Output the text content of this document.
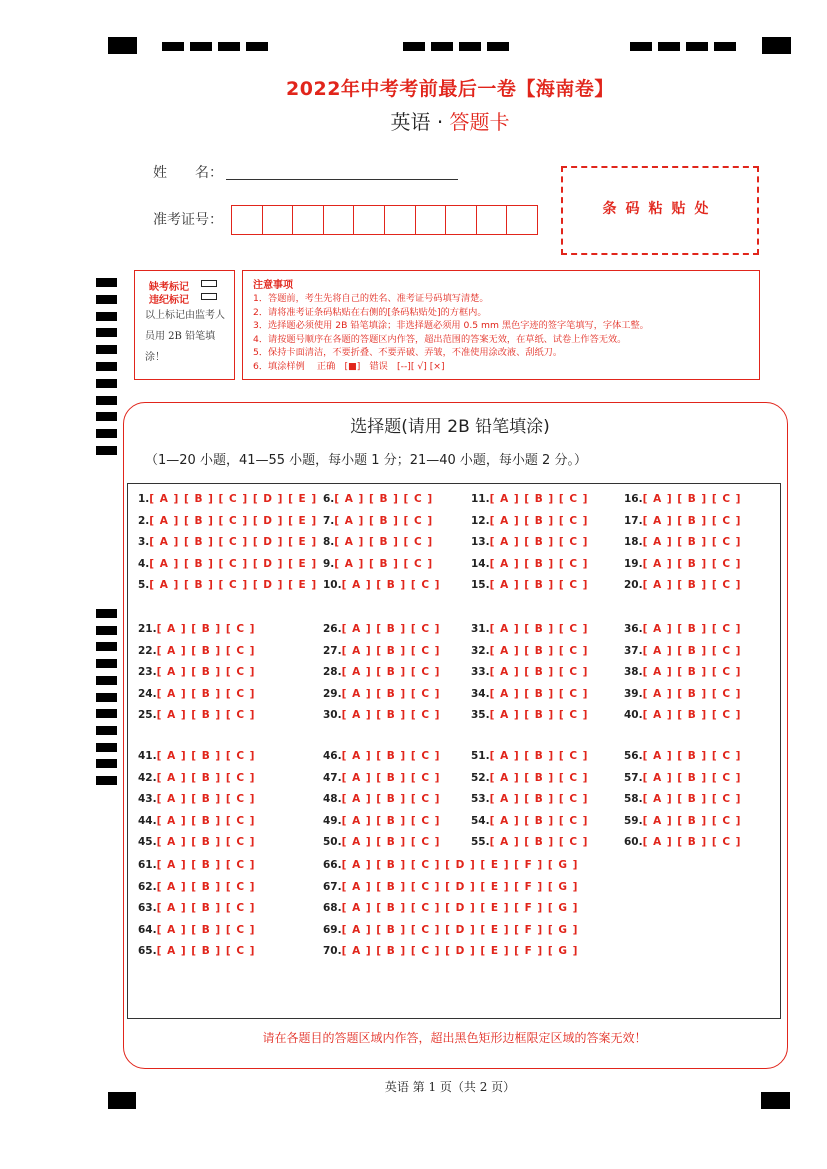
2022年中考考前最后一卷【海南卷】
英语 · 答题卡
姓　　名：
准考证号：
条码粘贴处
缺考标记
违纪标记
以上标记由监考人员用 2B 铅笔填涂！
注意事项
1．答题前，考生先将自己的姓名、准考证号码填写清楚。
2．请将准考证条码粘贴在右侧的[条码粘贴处]的方框内。
3．选择题必须使用 2B 铅笔填涂；非选择题必须用 0.5 mm 黑色字迹的签字笔填写，字体工整。
4．请按题号顺序在各题的答题区内作答，超出范围的答案无效，在草纸、试卷上作答无效。
5．保持卡面清洁，不要折叠、不要弄破、弄皱，不准使用涂改液、刮纸刀。
6．填涂样例　 正确　[■]　错误　[--][ √] [×]
选择题(请用 2B 铅笔填涂)
（1—20 小题，41—55 小题，每小题 1 分；21—40 小题，每小题 2 分。）
1.[ A ] [ B ] [ C ] [ D ] [ E ] 6.[ A ] [ B ] [ C ]	11.[ A ] [ B ] [ C ]	16.[ A ] [ B ] [ C ]
2.[ A ] [ B ] [ C ] [ D ] [ E ] 7.[ A ] [ B ] [ C ]	12.[ A ] [ B ] [ C ]	17.[ A ] [ B ] [ C ]
3.[ A ] [ B ] [ C ] [ D ] [ E ] 8.[ A ] [ B ] [ C ]	13.[ A ] [ B ] [ C ]	18.[ A ] [ B ] [ C ]
4.[ A ] [ B ] [ C ] [ D ] [ E ] 9.[ A ] [ B ] [ C ]	14.[ A ] [ B ] [ C ]	19.[ A ] [ B ] [ C ]
5.[ A ] [ B ] [ C ] [ D ] [ E ] 10.[ A ] [ B ] [ C ]	15.[ A ] [ B ] [ C ]	20.[ A ] [ B ] [ C ]
21.[ A ] [ B ] [ C ]	26.[ A ] [ B ] [ C ]	31.[ A ] [ B ] [ C ]	36.[ A ] [ B ] [ C ]
22.[ A ] [ B ] [ C ]	27.[ A ] [ B ] [ C ]	32.[ A ] [ B ] [ C ]	37.[ A ] [ B ] [ C ]
23.[ A ] [ B ] [ C ]	28.[ A ] [ B ] [ C ]	33.[ A ] [ B ] [ C ]	38.[ A ] [ B ] [ C ]
24.[ A ] [ B ] [ C ]	29.[ A ] [ B ] [ C ]	34.[ A ] [ B ] [ C ]	39.[ A ] [ B ] [ C ]
25.[ A ] [ B ] [ C ]	30.[ A ] [ B ] [ C ]	35.[ A ] [ B ] [ C ]	40.[ A ] [ B ] [ C ]
41.[ A ] [ B ] [ C ]	46.[ A ] [ B ] [ C ]	51.[ A ] [ B ] [ C ]	56.[ A ] [ B ] [ C ]
42.[ A ] [ B ] [ C ]	47.[ A ] [ B ] [ C ]	52.[ A ] [ B ] [ C ]	57.[ A ] [ B ] [ C ]
43.[ A ] [ B ] [ C ]	48.[ A ] [ B ] [ C ]	53.[ A ] [ B ] [ C ]	58.[ A ] [ B ] [ C ]
44.[ A ] [ B ] [ C ]	49.[ A ] [ B ] [ C ]	54.[ A ] [ B ] [ C ]	59.[ A ] [ B ] [ C ]
45.[ A ] [ B ] [ C ]	50.[ A ] [ B ] [ C ]	55.[ A ] [ B ] [ C ]	60.[ A ] [ B ] [ C ]
61.[ A ] [ B ] [ C ]	66.[ A ] [ B ] [ C ] [ D ] [ E ] [ F ] [ G ]
62.[ A ] [ B ] [ C ]	67.[ A ] [ B ] [ C ] [ D ] [ E ] [ F ] [ G ]
63.[ A ] [ B ] [ C ]	68.[ A ] [ B ] [ C ] [ D ] [ E ] [ F ] [ G ]
64.[ A ] [ B ] [ C ]	69.[ A ] [ B ] [ C ] [ D ] [ E ] [ F ] [ G ]
65.[ A ] [ B ] [ C ]	70.[ A ] [ B ] [ C ] [ D ] [ E ] [ F ] [ G ]
请在各题目的答题区域内作答，超出黑色矩形边框限定区域的答案无效！
英语 第 1 页（共 2 页）
